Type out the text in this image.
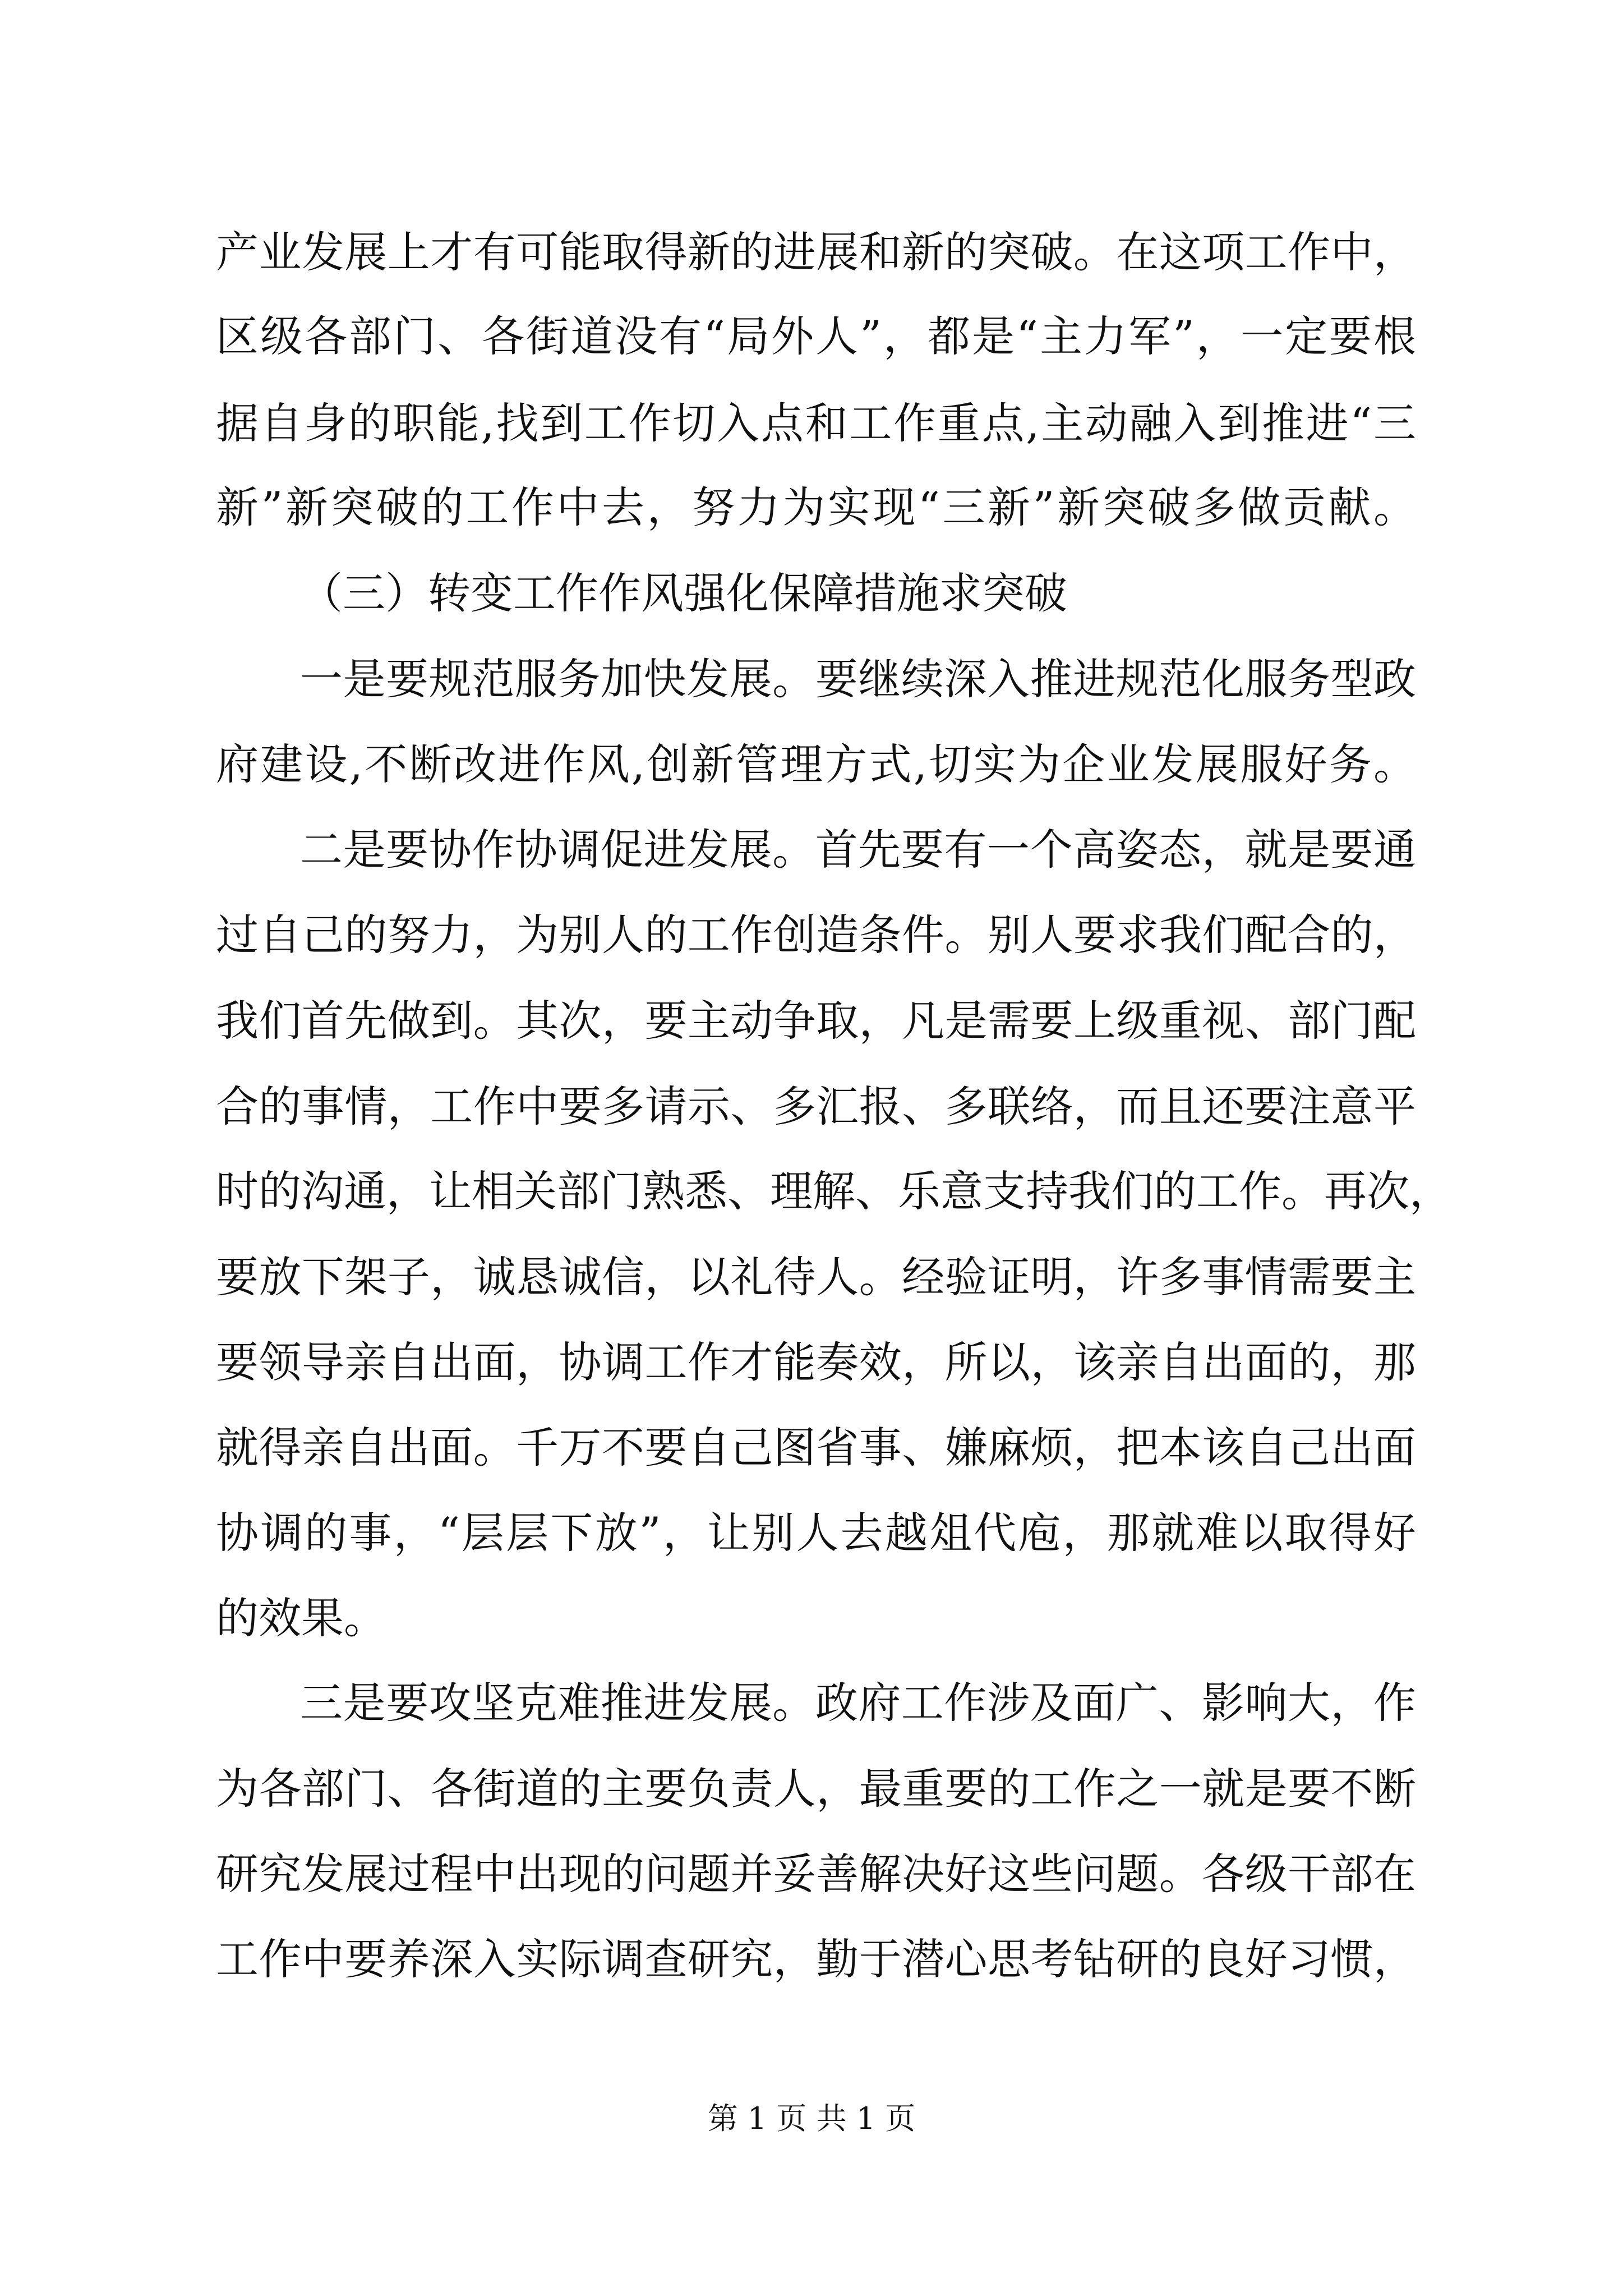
产业发展上才有可能取得新的进展和新的突破。在这项工作中，
区级各部门、各街道没有“局外人”，都是“主力军”，一定要根
据自身的职能,找到工作切入点和工作重点,主动融入到推进“三
新”新突破的工作中去，努力为实现“三新”新突破多做贡献。
（三）转变工作作风强化保障措施求突破
一是要规范服务加快发展。要继续深入推进规范化服务型政
府建设,不断改进作风,创新管理方式,切实为企业发展服好务。
二是要协作协调促进发展。首先要有一个高姿态，就是要通
过自己的努力，为别人的工作创造条件。别人要求我们配合的，
我们首先做到。其次，要主动争取，凡是需要上级重视、部门配
合的事情，工作中要多请示、多汇报、多联络，而且还要注意平
时的沟通，让相关部门熟悉、理解、乐意支持我们的工作。再次，
要放下架子，诚恳诚信，以礼待人。经验证明，许多事情需要主
要领导亲自出面，协调工作才能奏效，所以，该亲自出面的，那
就得亲自出面。千万不要自己图省事、嫌麻烦，把本该自己出面
协调的事，“层层下放”，让别人去越俎代庖，那就难以取得好
的效果。
三是要攻坚克难推进发展。政府工作涉及面广、影响大，作
为各部门、各街道的主要负责人，最重要的工作之一就是要不断
研究发展过程中出现的问题并妥善解决好这些问题。各级干部在
工作中要养深入实际调查研究，勤于潜心思考钻研的良好习惯，
第 1 页 共 1 页
